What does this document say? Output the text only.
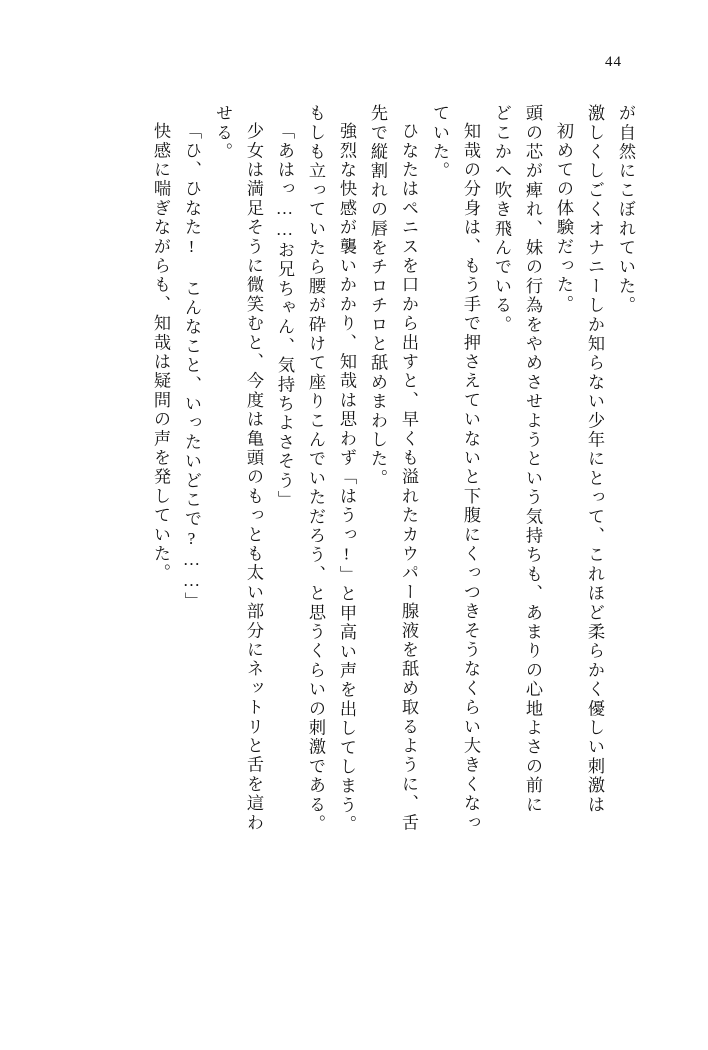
44
が自然にこぼれていた。
激しくしごくオナニーしか知らない少年にとって、これほど柔らかく優しい刺激は
初めての体験だった。
頭の芯が痺れ、妹の行為をやめさせようという気持ちも、あまりの心地よさの前に
どこかへ吹き飛んでいる。
知哉の分身は、もう手で押さえていないと下腹にくっつきそうなくらい大きくなっ
ていた。
ひなたはペニスを口から出すと、早くも溢れたカウパー腺液を舐め取るように、舌
先で縦割れの唇をチロチロと舐めまわした。
強烈な快感が襲いかかり、知哉は思わず「はうっ!」と甲高い声を出してしまう。
もしも立っていたら腰が砕けて座りこんでいただろう、と思うくらいの刺激である。
「あはっ……お兄ちゃん、気持ちよさそう」
少女は満足そうに微笑むと、今度は亀頭のもっとも太い部分にネットリと舌を這わ
せる。
「ひ、ひなた! こんなこと、いったいどこで?……」
快感に喘ぎながらも、知哉は疑問の声を発していた。
